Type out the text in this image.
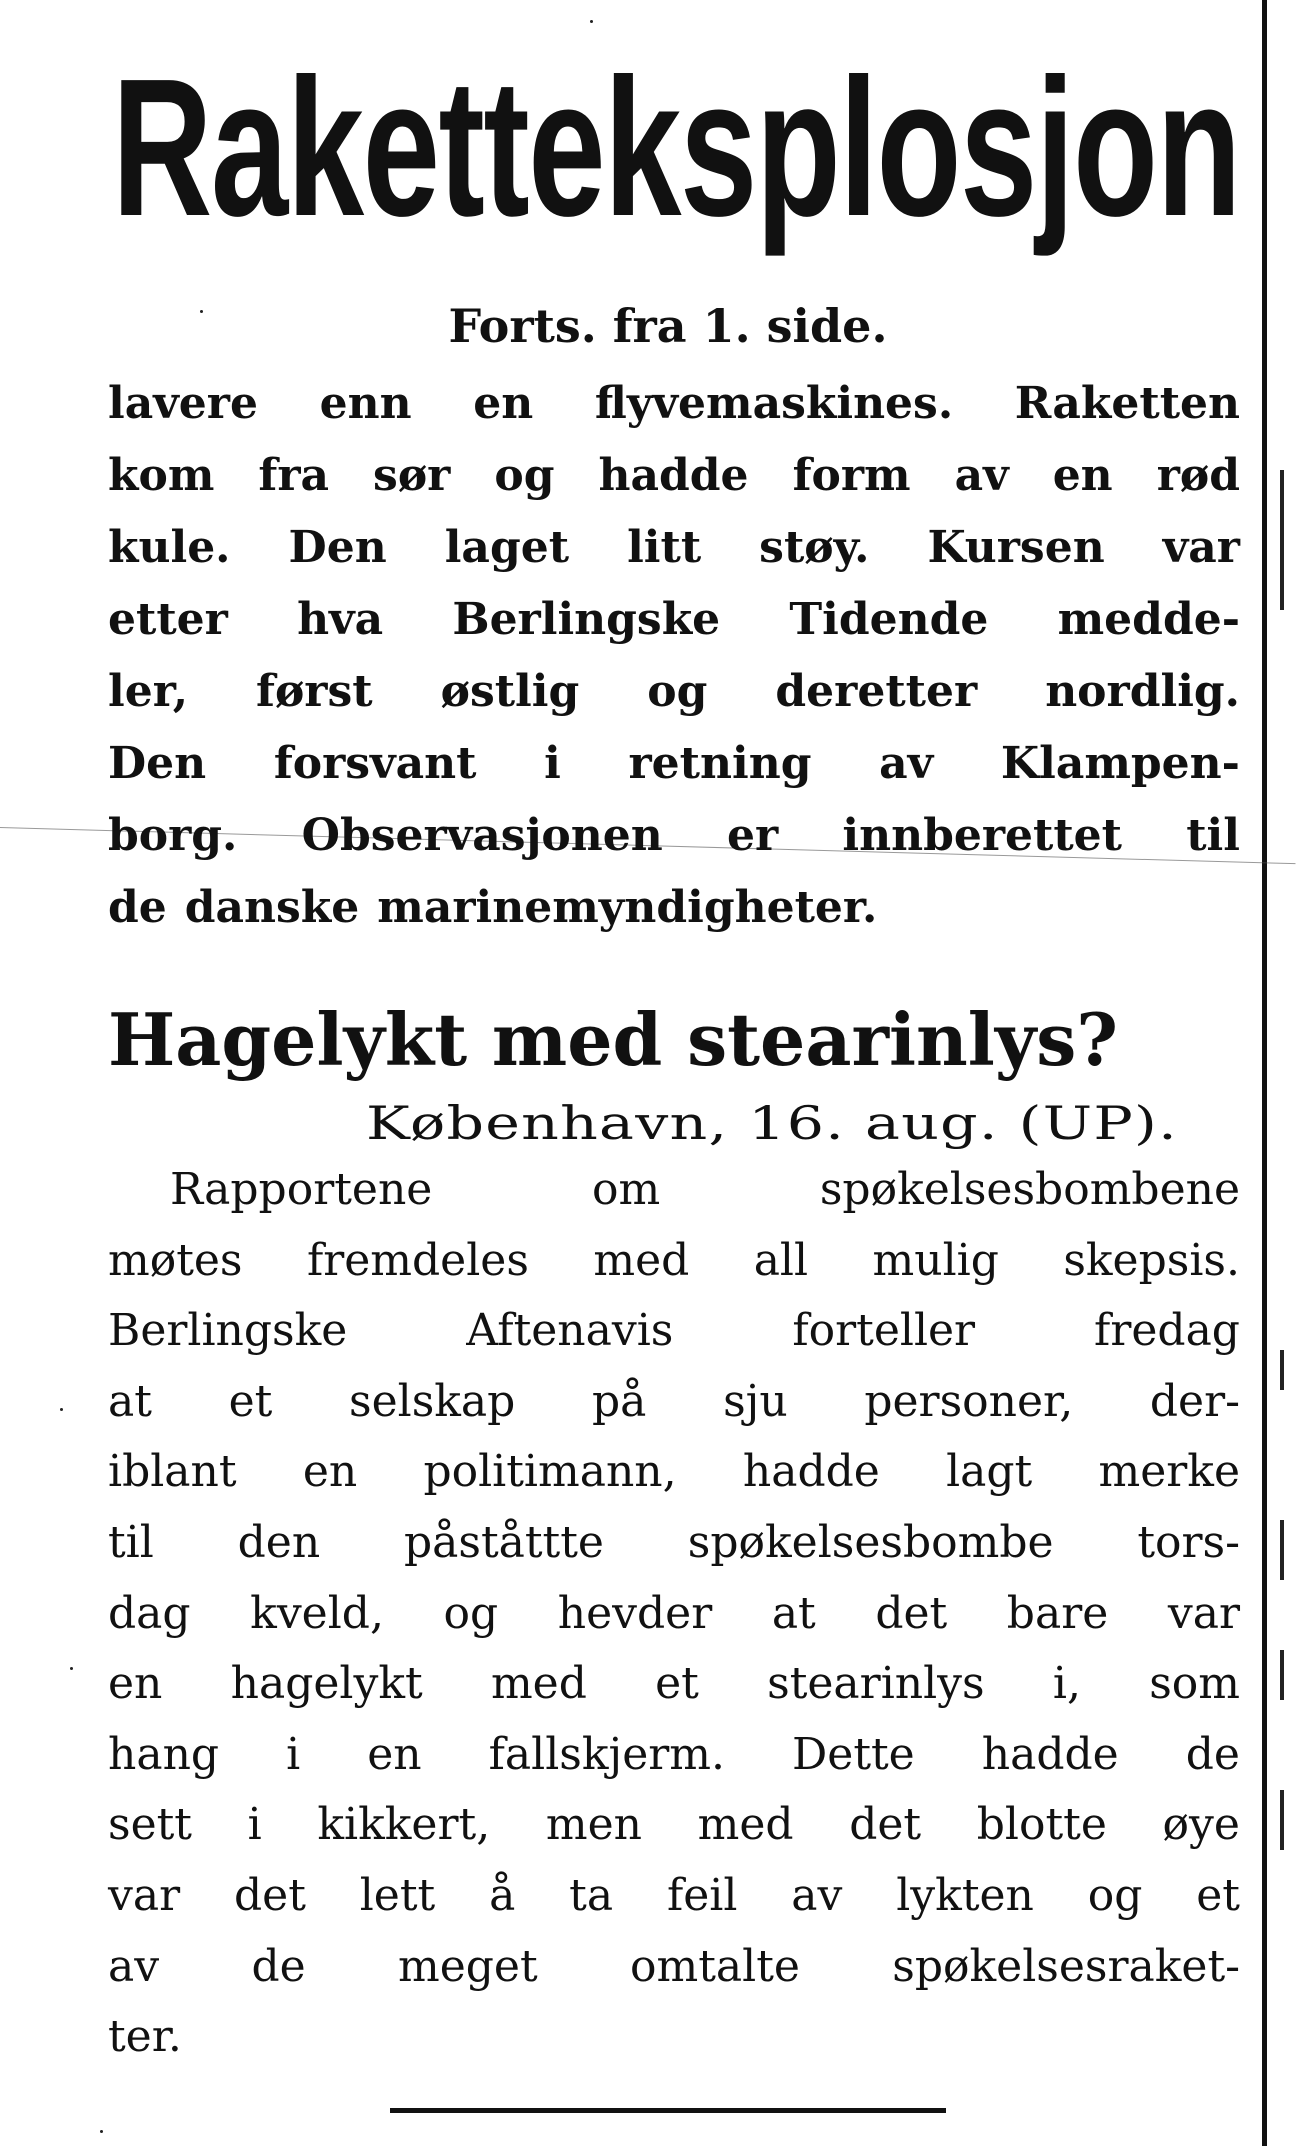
Raketteksplosjon
Forts. fra 1. side.
lavere enn en flyvemaskines. Raketten
kom fra sør og hadde form av en rød
kule. Den laget litt støy. Kursen var
etter hva Berlingske Tidende medde-
ler, først østlig og deretter nordlig.
Den forsvant i retning av Klampen-
borg. Observasjonen er innberettet til
de danske marinemyndigheter.
Hagelykt med stearinlys?
København, 16. aug. (UP).
Rapportene	om	spøkelsesbombene
møtes fremdeles med all mulig skepsis.
Berlingske	Aftenavis	forteller	fredag
at et selskap på sju personer, der-
iblant en politimann, hadde lagt merke
til den påståttte spøkelsesbombe tors-
dag kveld, og hevder at det bare var
en hagelykt med et stearinlys i, som
hang i en fallskjerm. Dette hadde de
sett i kikkert, men med det blotte øye
var det lett å ta feil av lykten og et
av de meget omtalte spøkelsesraket-
ter.
